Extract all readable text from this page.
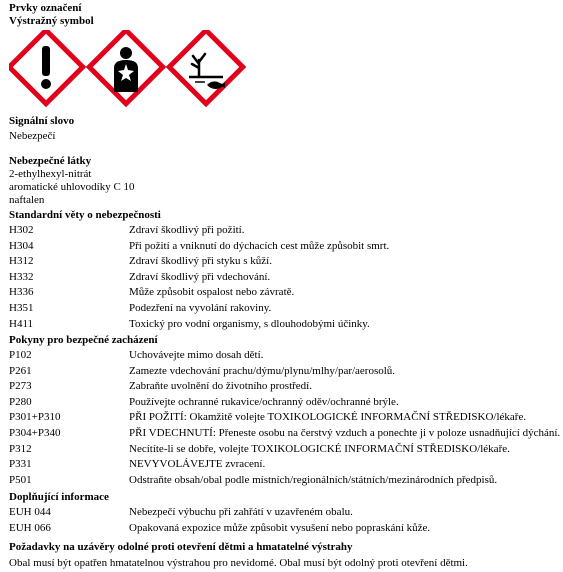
Prvky označení

Výstražný symbol

Signální slovo

Nebezpečí

Nebezpečné látky

2-ethylhexyl-nitrát

aromatické uhlovodíky C 10

naftalen

Standardní věty o nebezpečnosti

H302	Zdraví škodlivý při požití.
H304	Při požití a vniknutí do dýchacích cest může způsobit smrt.
H312	Zdraví škodlivý při styku s kůží.
H332	Zdraví škodlivý při vdechování.
H336	Může způsobit ospalost nebo závratě.
H351	Podezření na vyvolání rakoviny.
H411	Toxický pro vodní organismy, s dlouhodobými účinky.

Pokyny pro bezpečné zacházení

P102	Uchovávejte mimo dosah dětí.
P261	Zamezte vdechování prachu/dýmu/plynu/mlhy/par/aerosolů.
P273	Zabraňte uvolnění do životního prostředí.
P280	Používejte ochranné rukavice/ochranný oděv/ochranné brýle.
P301+P310	PŘI POŽITÍ: Okamžitě volejte TOXIKOLOGICKÉ INFORMAČNÍ STŘEDISKO/lékaře.
P304+P340	PŘI VDECHNUTÍ: Přeneste osobu na čerstvý vzduch a ponechte ji v poloze usnadňující dýchání.
P312	Necítíte-li se dobře, volejte TOXIKOLOGICKÉ INFORMAČNÍ STŘEDISKO/lékaře.
P331	NEVYVOLÁVEJTE zvracení.
P501	Odstraňte obsah/obal podle místních/regionálních/státních/mezinárodních předpisů.

Doplňující informace

EUH 044	Nebezpečí výbuchu při zahřátí v uzavřeném obalu.
EUH 066	Opakovaná expozice může způsobit vysušení nebo popraskání kůže.

Požadavky na uzávěry odolné proti otevření dětmi a hmatatelné výstrahy

Obal musí být opatřen hmatatelnou výstrahou pro nevidomé. Obal musí být odolný proti otevření dětmi.
